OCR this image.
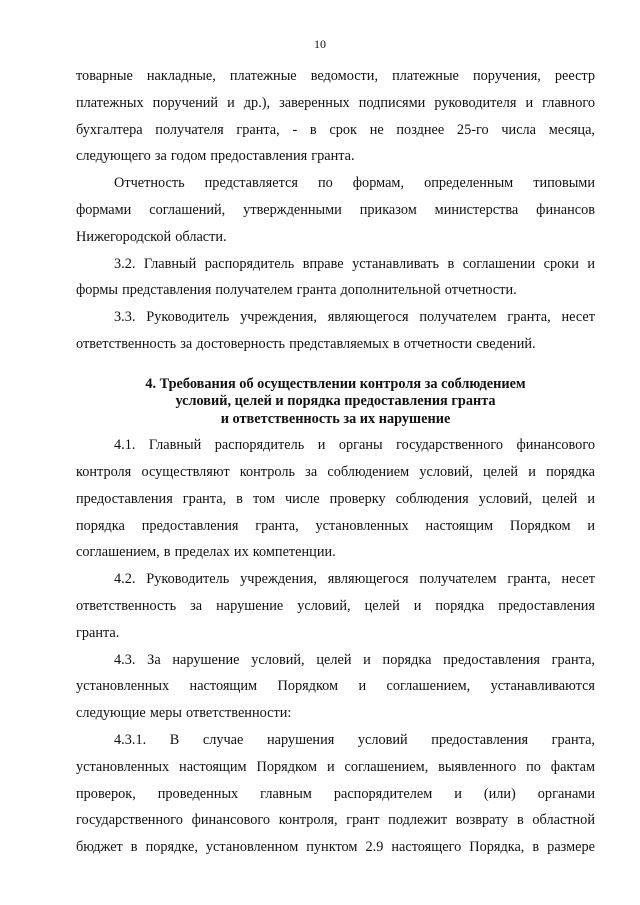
10
товарные накладные, платежные ведомости, платежные поручения, реестр
платежных поручений и др.), заверенных подписями руководителя и главного
бухгалтера получателя гранта, - в срок не позднее 25-го числа месяца,
следующего за годом предоставления гранта.
Отчетность представляется по формам, определенным типовыми
формами соглашений, утвержденными приказом министерства финансов
Нижегородской области.
3.2. Главный распорядитель вправе устанавливать в соглашении сроки и
формы представления получателем гранта дополнительной отчетности.
3.3. Руководитель учреждения, являющегося получателем гранта, несет
ответственность за достоверность представляемых в отчетности сведений.
4. Требования об осуществлении контроля за соблюдением
условий, целей и порядка предоставления гранта
и ответственность за их нарушение
4.1. Главный распорядитель и органы государственного финансового
контроля осуществляют контроль за соблюдением условий, целей и порядка
предоставления гранта, в том числе проверку соблюдения условий, целей и
порядка предоставления гранта, установленных настоящим Порядком и
соглашением, в пределах их компетенции.
4.2. Руководитель учреждения, являющегося получателем гранта, несет
ответственность за нарушение условий, целей и порядка предоставления
гранта.
4.3. За нарушение условий, целей и порядка предоставления гранта,
установленных настоящим Порядком и соглашением, устанавливаются
следующие меры ответственности:
4.3.1. В случае нарушения условий предоставления гранта,
установленных настоящим Порядком и соглашением, выявленного по фактам
проверок, проведенных главным распорядителем и (или) органами
государственного финансового контроля, грант подлежит возврату в областной
бюджет в порядке, установленном пунктом 2.9 настоящего Порядка, в размере
